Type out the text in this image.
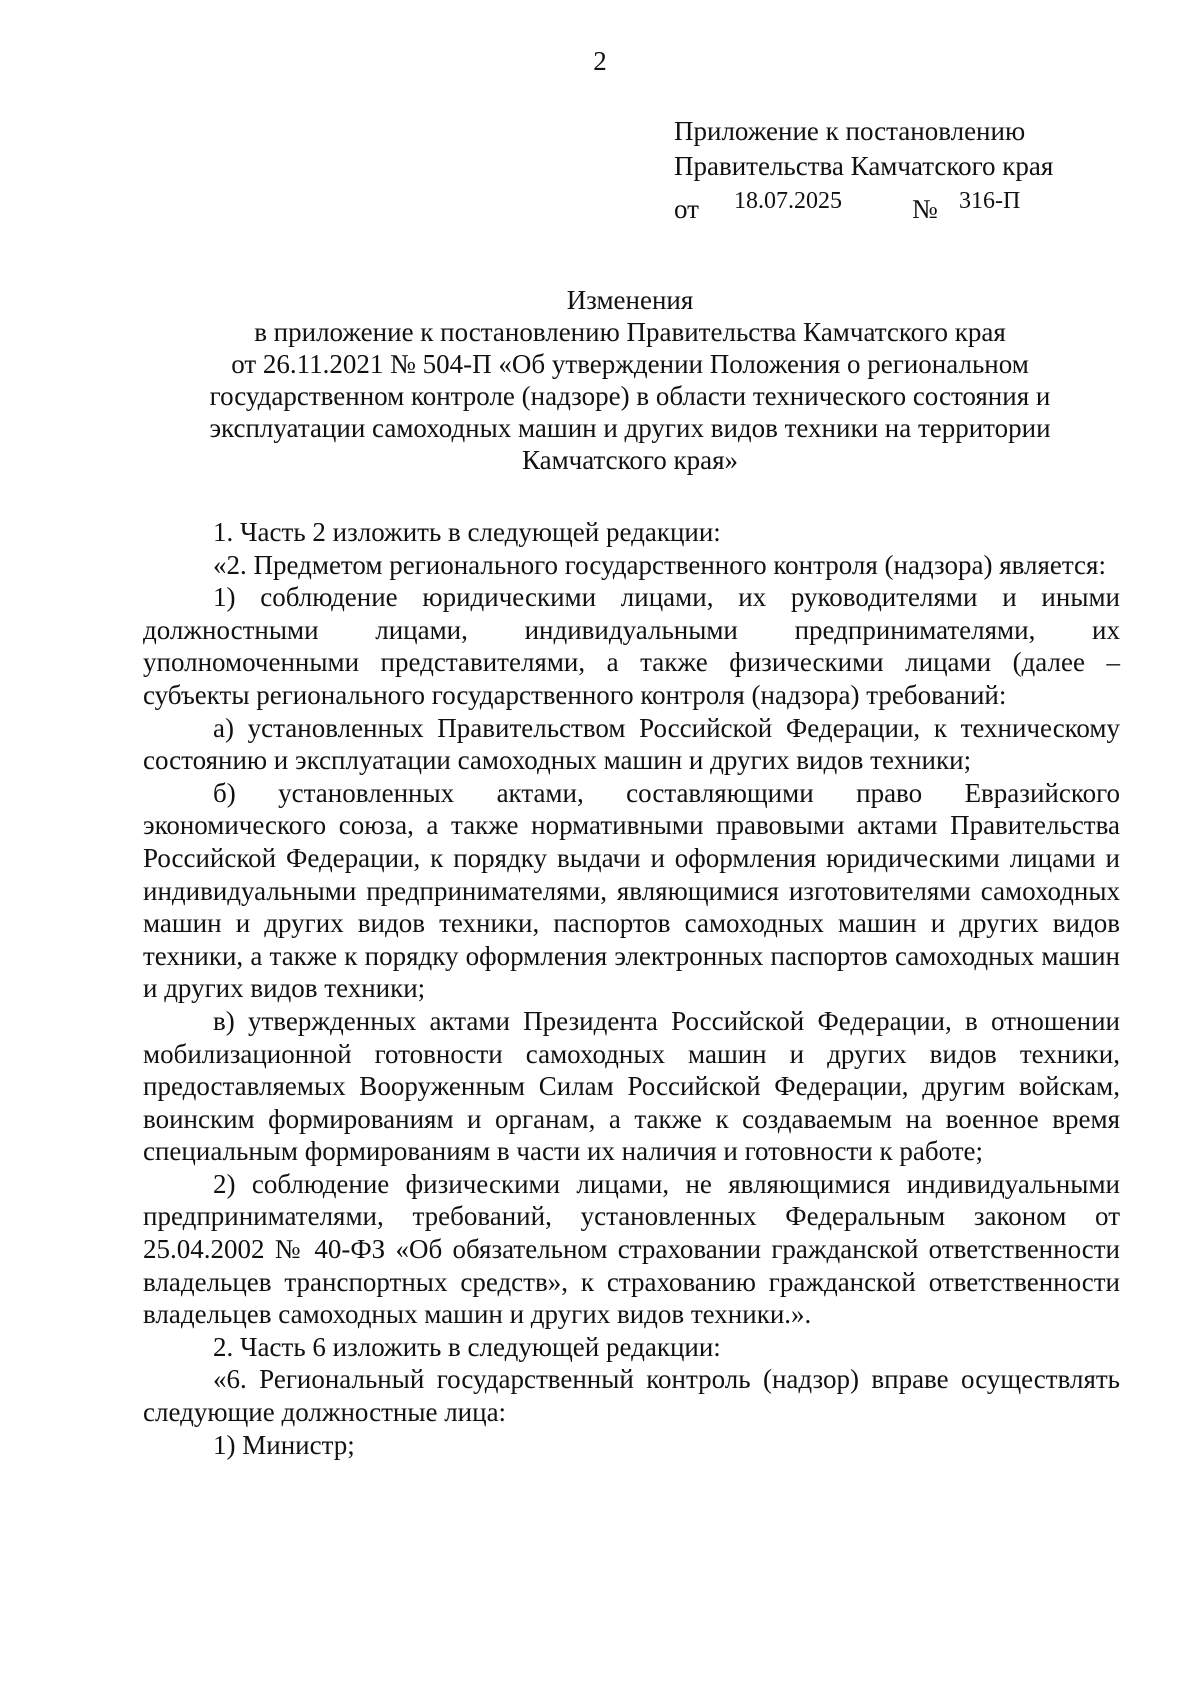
2
Приложение к постановлению
Правительства Камчатского края
от 18.07.2025	№ 316-П
Изменения
в приложение к постановлению Правительства Камчатского края
от 26.11.2021 № 504-П «Об утверждении Положения о региональном
государственном контроле (надзоре) в области технического состояния и
эксплуатации самоходных машин и других видов техники на территории
Камчатского края»

1. Часть 2 изложить в следующей редакции:

«2. Предметом регионального государственного контроля (надзора) является:

1) соблюдение юридическими лицами, их руководителями и иными должностными лицами, индивидуальными предпринимателями, их уполномоченными представителями, а также физическими лицами (далее – субъекты регионального государственного контроля (надзора) требований:

а) установленных Правительством Российской Федерации, к техническому состоянию и эксплуатации самоходных машин и других видов техники;

б) установленных актами, составляющими право Евразийского экономического союза, а также нормативными правовыми актами Правительства Российской Федерации, к порядку выдачи и оформления юридическими лицами и индивидуальными предпринимателями, являющимися изготовителями самоходных машин и других видов техники, паспортов самоходных машин и других видов техники, а также к порядку оформления электронных паспортов самоходных машин и других видов техники;

в) утвержденных актами Президента Российской Федерации, в отношении мобилизационной готовности самоходных машин и других видов техники, предоставляемых Вооруженным Силам Российской Федерации, другим войскам, воинским формированиям и органам, а также к создаваемым на военное время специальным формированиям в части их наличия и готовности к работе;

2) соблюдение физическими лицами, не являющимися индивидуальными предпринимателями, требований, установленных Федеральным законом от 25.04.2002 № 40-ФЗ «Об обязательном страховании гражданской ответственности владельцев транспортных средств», к страхованию гражданской ответственности владельцев самоходных машин и других видов техники.».

2. Часть 6 изложить в следующей редакции:

«6. Региональный государственный контроль (надзор) вправе осуществлять следующие должностные лица:

1) Министр;
